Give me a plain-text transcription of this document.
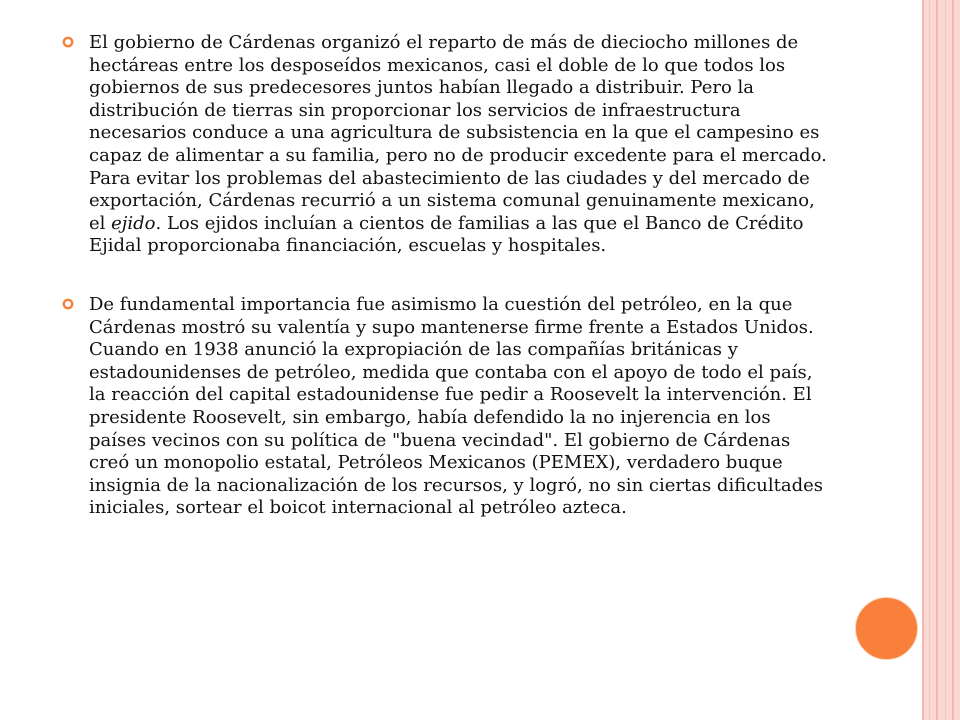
El gobierno de Cárdenas organizó el reparto de más de dieciocho millones de hectáreas entre los desposeídos mexicanos, casi el doble de lo que todos los gobiernos de sus predecesores juntos habían llegado a distribuir. Pero la distribución de tierras sin proporcionar los servicios de infraestructura necesarios conduce a una agricultura de subsistencia en la que el campesino es capaz de alimentar a su familia, pero no de producir excedente para el mercado. Para evitar los problemas del abastecimiento de las ciudades y del mercado de exportación, Cárdenas recurrió a un sistema comunal genuinamente mexicano, el ejido. Los ejidos incluían a cientos de familias a las que el Banco de Crédito Ejidal proporcionaba financiación, escuelas y hospitales.

De fundamental importancia fue asimismo la cuestión del petróleo, en la que Cárdenas mostró su valentía y supo mantenerse firme frente a Estados Unidos. Cuando en 1938 anunció la expropiación de las compañías británicas y estadounidenses de petróleo, medida que contaba con el apoyo de todo el país, la reacción del capital estadounidense fue pedir a Roosevelt la intervención. El presidente Roosevelt, sin embargo, había defendido la no injerencia en los países vecinos con su política de "buena vecindad". El gobierno de Cárdenas creó un monopolio estatal, Petróleos Mexicanos (PEMEX), verdadero buque insignia de la nacionalización de los recursos, y logró, no sin ciertas dificultades iniciales, sortear el boicot internacional al petróleo azteca.
